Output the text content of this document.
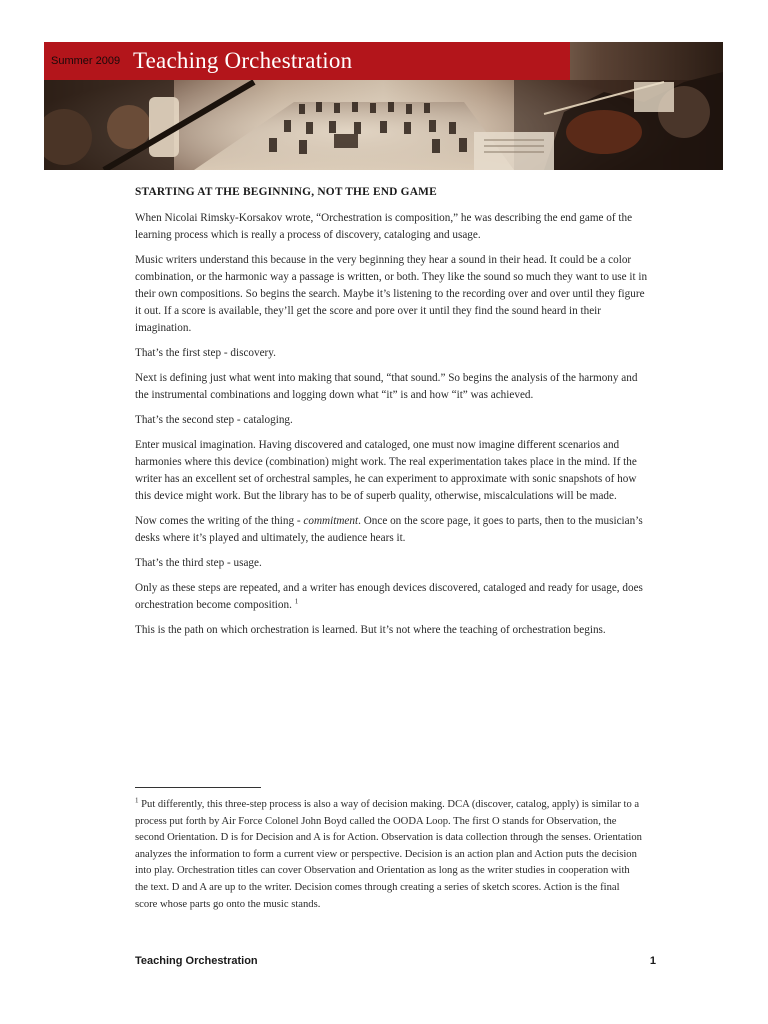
Summer 2009 Teaching Orchestration
STARTING AT THE BEGINNING, NOT THE END GAME

When Nicolai Rimsky-Korsakov wrote, “Orchestration is composition,” he was describing the end game of the learning process which is really a process of discovery, cataloging and usage.

Music writers understand this because in the very beginning they hear a sound in their head. It could be a color combination, or the harmonic way a passage is written, or both. They like the sound so much they want to use it in their own compositions. So begins the search. Maybe it’s listening to the recording over and over until they figure it out. If a score is available, they’ll get the score and pore over it until they find the sound heard in their imagination.

That’s the first step - discovery.

Next is defining just what went into making that sound, “that sound.” So begins the analysis of the harmony and the instrumental combinations and logging down what “it” is and how “it” was achieved.

That’s the second step - cataloging.

Enter musical imagination. Having discovered and cataloged, one must now imagine different scenarios and harmonies where this device (combination) might work. The real experimentation takes place in the mind. If the writer has an excellent set of orchestral samples, he can experiment to approximate with sonic snapshots of how this device might work. But the library has to be of superb quality, otherwise, miscalculations will be made.

Now comes the writing of the thing - commitment. Once on the score page, it goes to parts, then to the musician’s desks where it’s played and ultimately, the audience hears it.

That’s the third step - usage.

Only as these steps are repeated, and a writer has enough devices discovered, cataloged and ready for usage, does orchestration become composition. $^1$

This is the path on which orchestration is learned. But it’s not where the teaching of orchestration begins.

$^1$ Put differently, this three-step process is also a way of decision making. DCA (discover, catalog, apply) is similar to a process put forth by Air Force Colonel John Boyd called the OODA Loop. The first O stands for Observation, the second Orientation. D is for Decision and A is for Action. Observation is data collection through the senses. Orientation analyzes the information to form a current view or perspective. Decision is an action plan and Action puts the decision into play. Orchestration titles can cover Observation and Orientation as long as the writer studies in cooperation with the text. D and A are up to the writer. Decision comes through creating a series of sketch scores. Action is the final score whose parts go onto the music stands.

Teaching Orchestration	1
